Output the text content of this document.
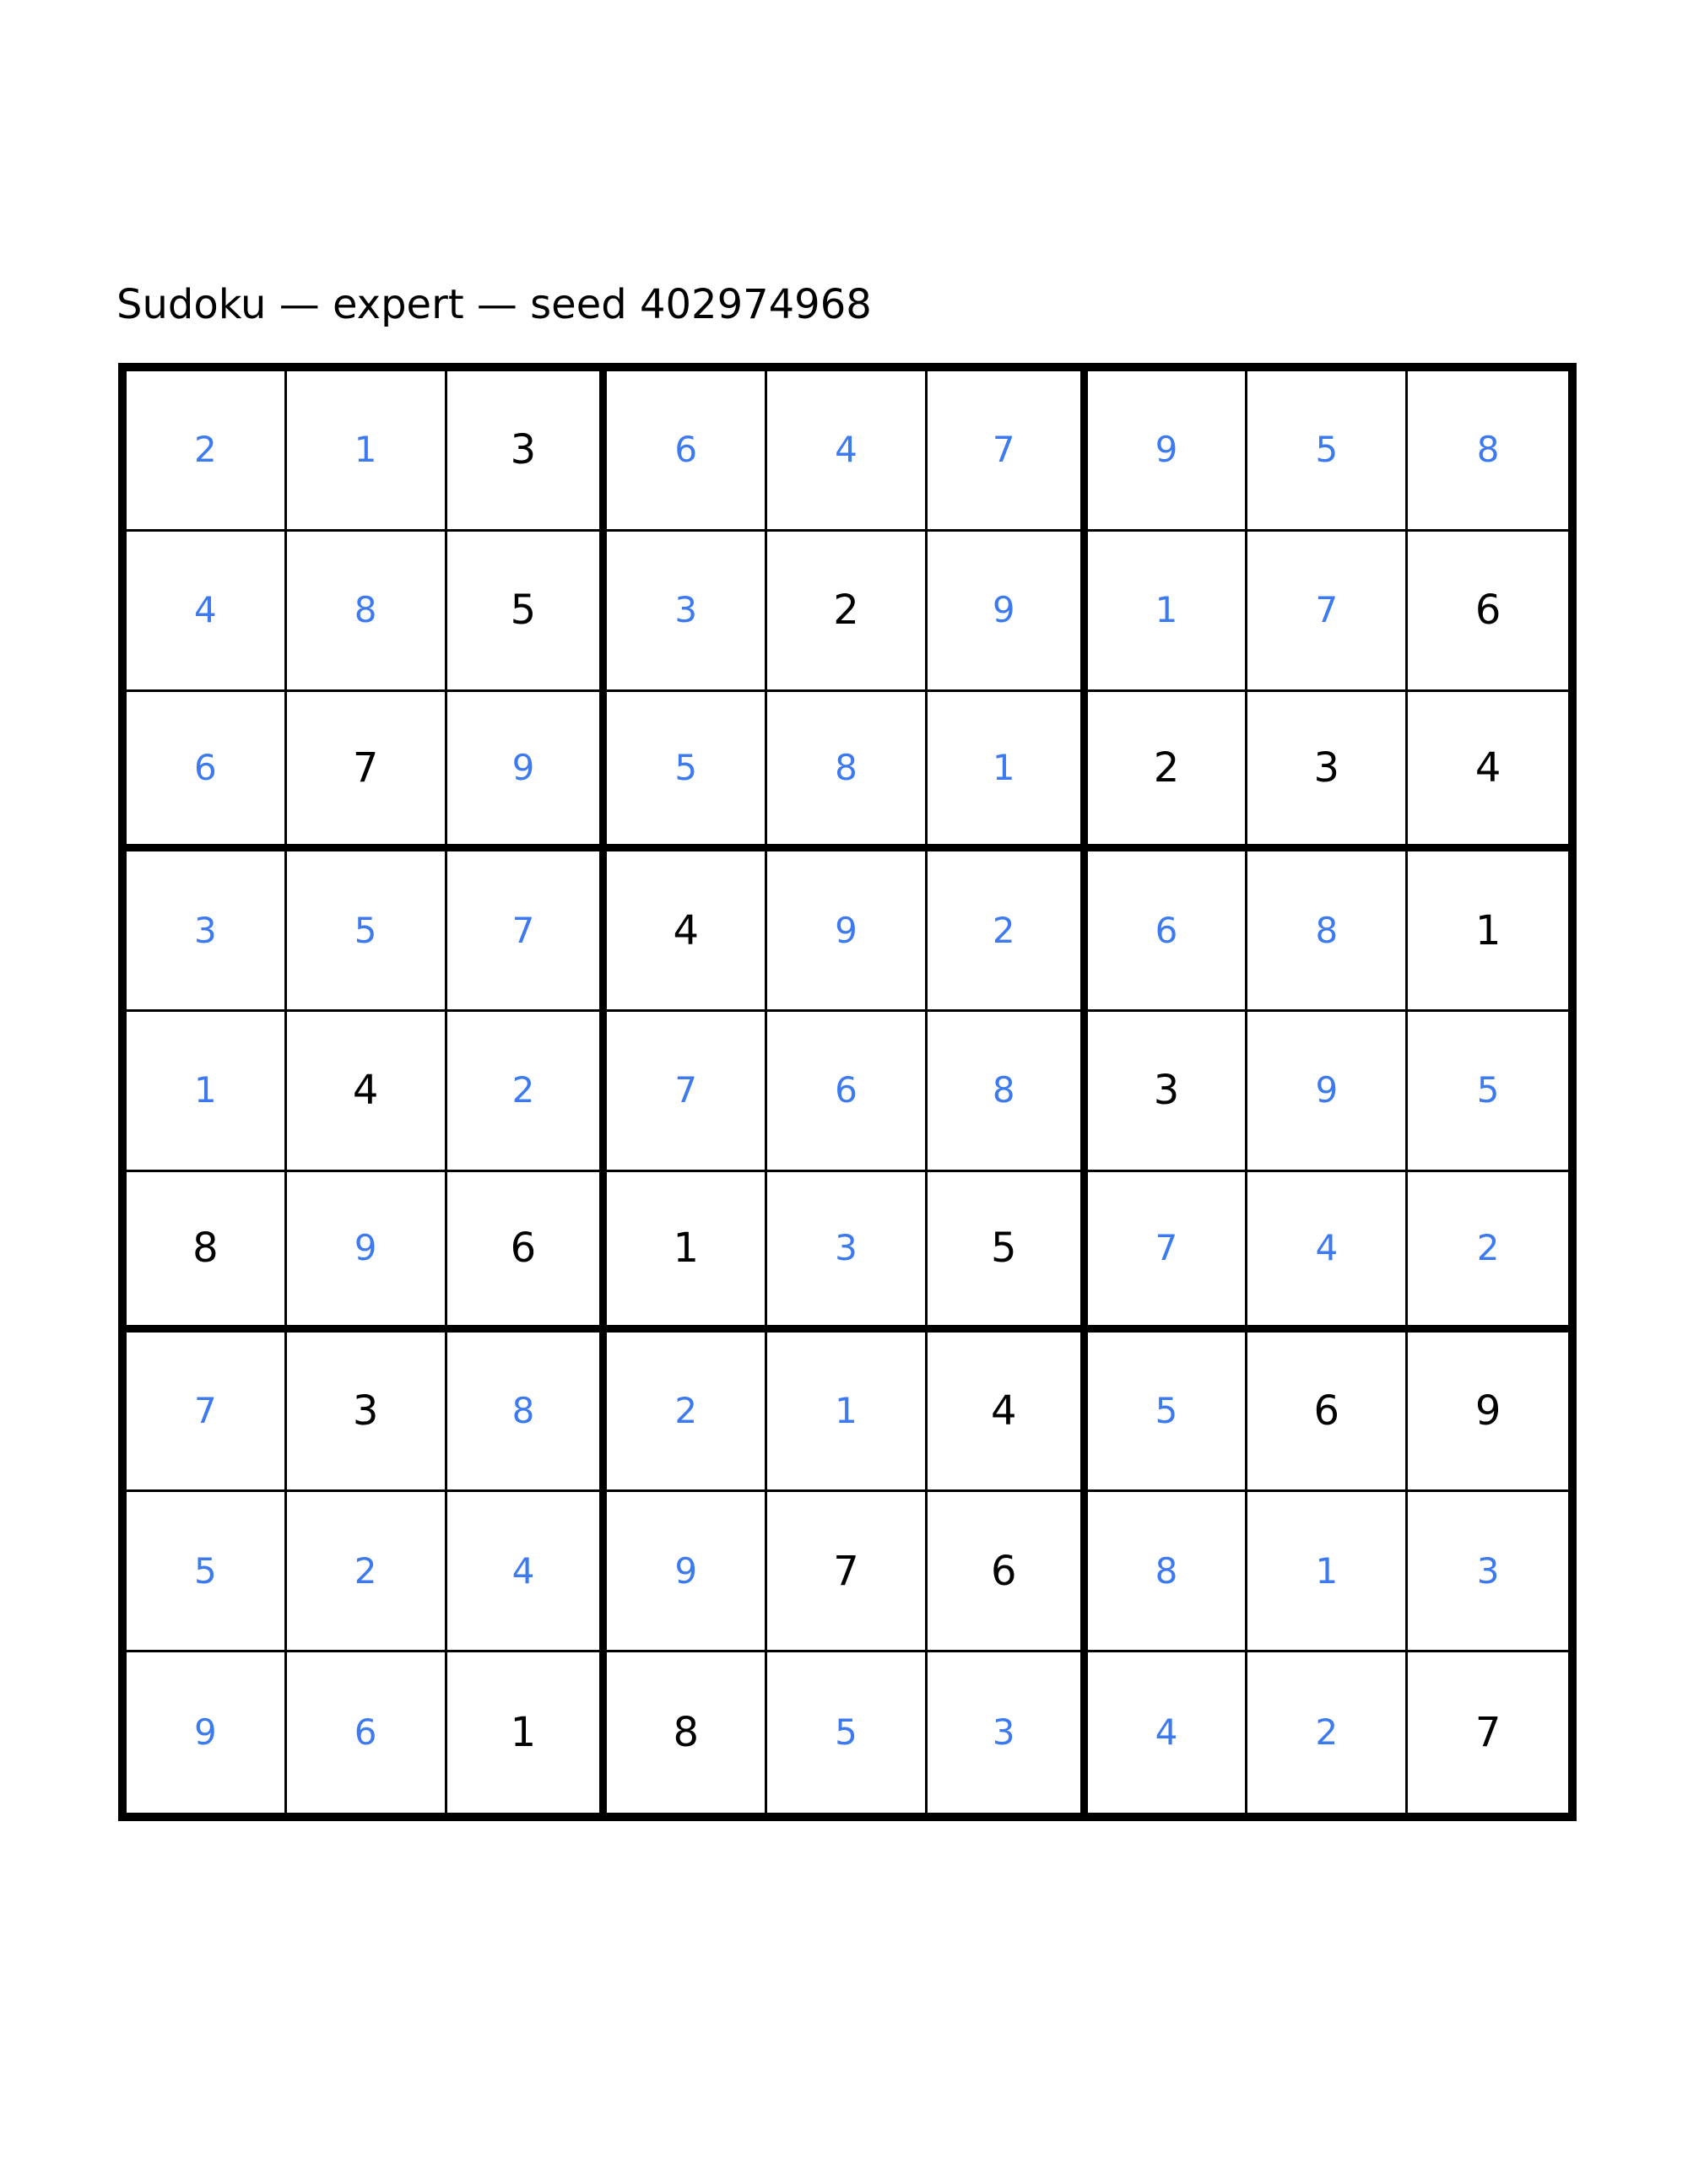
Sudoku — expert — seed 402974968
2	1	3	6	4	7	9	5	8
4	8	5	3	2	9	1	7	6
6	7	9	5	8	1	2	3	4
3	5	7	4	9	2	6	8	1
1	4	2	7	6	8	3	9	5
8	9	6	1	3	5	7	4	2
7	3	8	2	1	4	5	6	9
5	2	4	9	7	6	8	1	3
9	6	1	8	5	3	4	2	7
